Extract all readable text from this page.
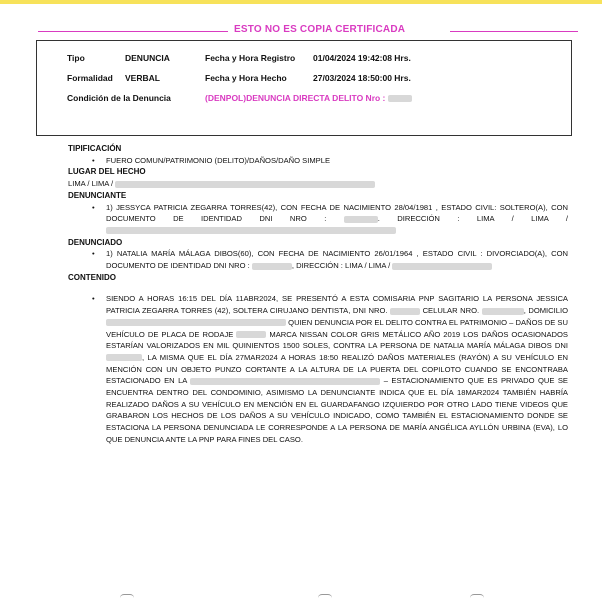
ESTO NO ES COPIA CERTIFICADA
Tipo	DENUNCIA	Fecha y Hora Registro 01/04/2024 19:42:08 Hrs.
Formalidad VERBAL	Fecha y Hora Hecho	27/03/2024 18:50:00 Hrs.
Condición de la Denuncia	(DENPOL)DENUNCIA DIRECTA DELITO Nro :

TIPIFICACIÓN

• FUERO COMUN/PATRIMONIO (DELITO)/DAÑOS/DAÑO SIMPLE

LUGAR DEL HECHO

LIMA / LIMA /

DENUNCIANTE

• 1) JESSYCA PATRICIA ZEGARRA TORRES(42), CON FECHA DE NACIMIENTO 28/04/1981 , ESTADO CIVIL: SOLTERO(A), CON DOCUMENTO DE IDENTIDAD DNI NRO :	. DIRECCIÓN : LIMA / LIMA /

DENUNCIADO

• 1) NATALIA MARÍA MÁLAGA DIBOS(60), CON FECHA DE NACIMIENTO 26/01/1964 , ESTADO CIVIL : DIVORCIADO(A), CON DOCUMENTO DE IDENTIDAD DNI NRO :	, DIRECCIÓN : LIMA / LIMA /

CONTENIDO

• SIENDO A HORAS 16:15 DEL DÍA 11ABR2024, SE PRESENTÓ A ESTA COMISARIA PNP SAGITARIO LA PERSONA JESSICA PATRICIA ZEGARRA TORRES (42), SOLTERA CIRUJANO DENTISTA, DNI NRO.	CELULAR NRO.	, DOMICILIO  QUIEN DENUNCIA POR EL DELITO CONTRA EL PATRIMONIO – DAÑOS DE SU VEHÍCULO DE PLACA DE RODAJE	MARCA NISSAN COLOR GRIS METÁLICO AÑO 2019 LOS DAÑOS OCASIONADOS ESTARÍAN VALORIZADOS EN MIL QUINIENTOS 1500 SOLES, CONTRA LA PERSONA DE NATALIA MARÍA MÁLAGA DIBOS DNI , LA MISMA QUE EL DÍA 27MAR2024 A HORAS 18:50 REALIZÓ DAÑOS MATERIALES (RAYÓN) A SU VEHÍCULO EN MENCIÓN CON UN OBJETO PUNZO CORTANTE A LA ALTURA DE LA PUERTA DEL COPILOTO CUANDO SE ENCONTRABA ESTACIONADO EN LA	– ESTACIONAMIENTO QUE ES PRIVADO QUE SE ENCUENTRA DENTRO DEL CONDOMINIO, ASIMISMO LA DENUNCIANTE INDICA QUE EL DÍA 18MAR2024 TAMBIÉN HABRÍA REALIZADO DAÑOS A SU VEHÍCULO EN MENCIÓN EN EL GUARDAFANGO IZQUIERDO POR OTRO LADO TIENE VIDEOS QUE GRABARON LOS HECHOS DE LOS DAÑOS A SU VEHÍCULO INDICADO, COMO TAMBIÉN EL ESTACIONAMIENTO DONDE SE ESTACIONA LA PERSONA DENUNCIADA LE CORRESPONDE A LA PERSONA DE MARÍA ANGÉLICA AYLLÓN URBINA (EVA), LO QUE DENUNCIA ANTE LA PNP PARA FINES DEL CASO.
